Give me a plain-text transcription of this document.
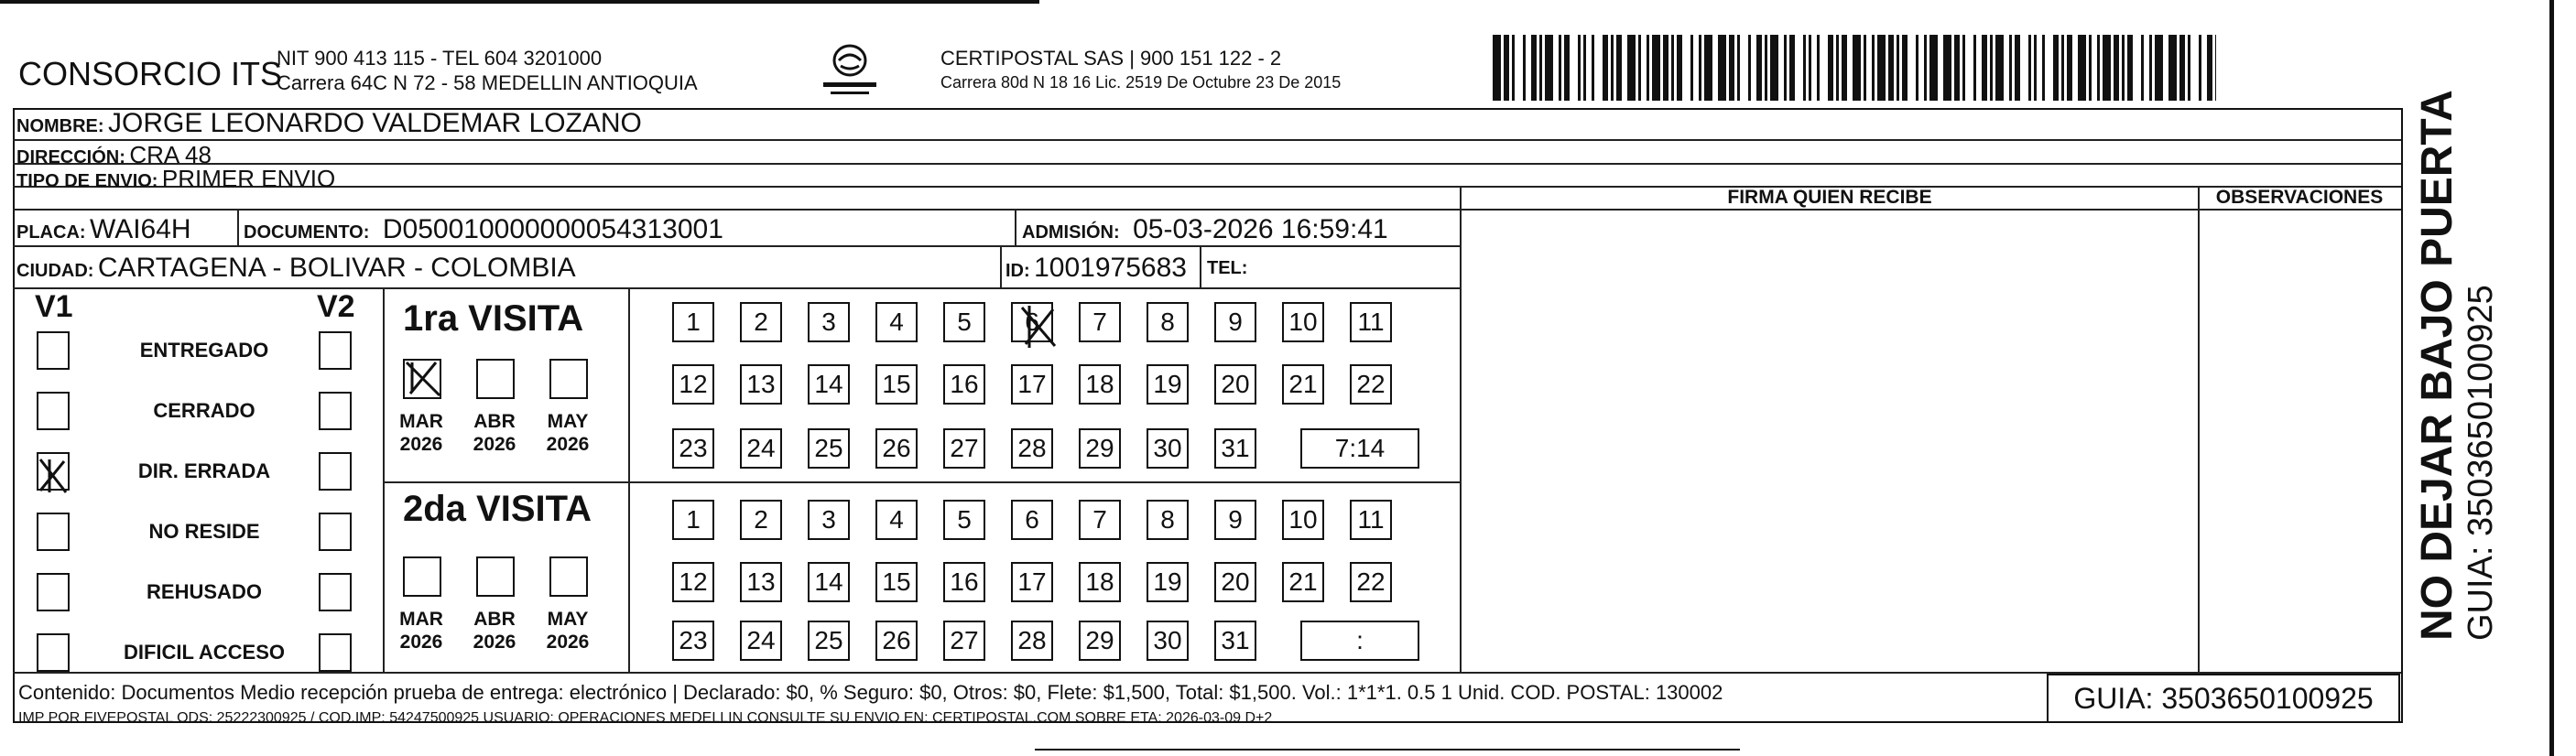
CONSORCIO ITS
NIT 900 413 115 - TEL 604 3201000
Carrera 64C N 72 - 58 MEDELLIN ANTIOQUIA
CERTIPOSTAL SAS | 900 151 122 - 2
Carrera 80d N 18 16 Lic. 2519 De Octubre 23 De 2015
NOMBRE: JORGE LEONARDO VALDEMAR LOZANO
DIRECCIÓN: CRA 48
TIPO DE ENVIO: PRIMER ENVIO
FIRMA QUIEN RECIBE	OBSERVACIONES
PLACA: WAI64H	DOCUMENTO: D050010000000054313001	ADMISIÓN: 05-03-2026 16:59:41
CIUDAD: CARTAGENA - BOLIVAR - COLOMBIA	ID: 1001975683 TEL:
V1	V2
ENTREGADO
CERRADO
DIR. ERRADA
NO RESIDE
REHUSADO
DIFICIL ACCESO
1ra VISITA
2da VISITA
MAR
2026
ABR
2026
MAY
2026
MAR
2026
ABR
2026
MAY
2026
1	2	3	4	5	6	7	8	9	10	11
12 13 14 15 16 17 18 19 20 21 22
23 24 25 26 27 28 29 30 31	7:14
1	2	3	4	5	6	7	8	9	10	11
12 13 14 15 16 17 18 19 20 21 22
23 24 25 26 27 28 29 30 31	:
Contenido: Documentos Medio recepción prueba de entrega: electrónico | Declarado: $0, % Seguro: $0, Otros: $0, Flete: $1,500, Total: $1,500. Vol.: 1*1*1. 0.5 1 Unid. COD. POSTAL: 130002
IMP POR FIVEPOSTAL ODS: 25222300925 / COD.IMP: 54247500925 USUARIO: OPERACIONES MEDELLIN CONSULTE SU ENVIO EN: CERTIPOSTAL.COM SOBRE ETA: 2026-03-09 D+2
GUIA: 3503650100925
NO DEJAR BAJO PUERTA GUIA: 3503650100925
